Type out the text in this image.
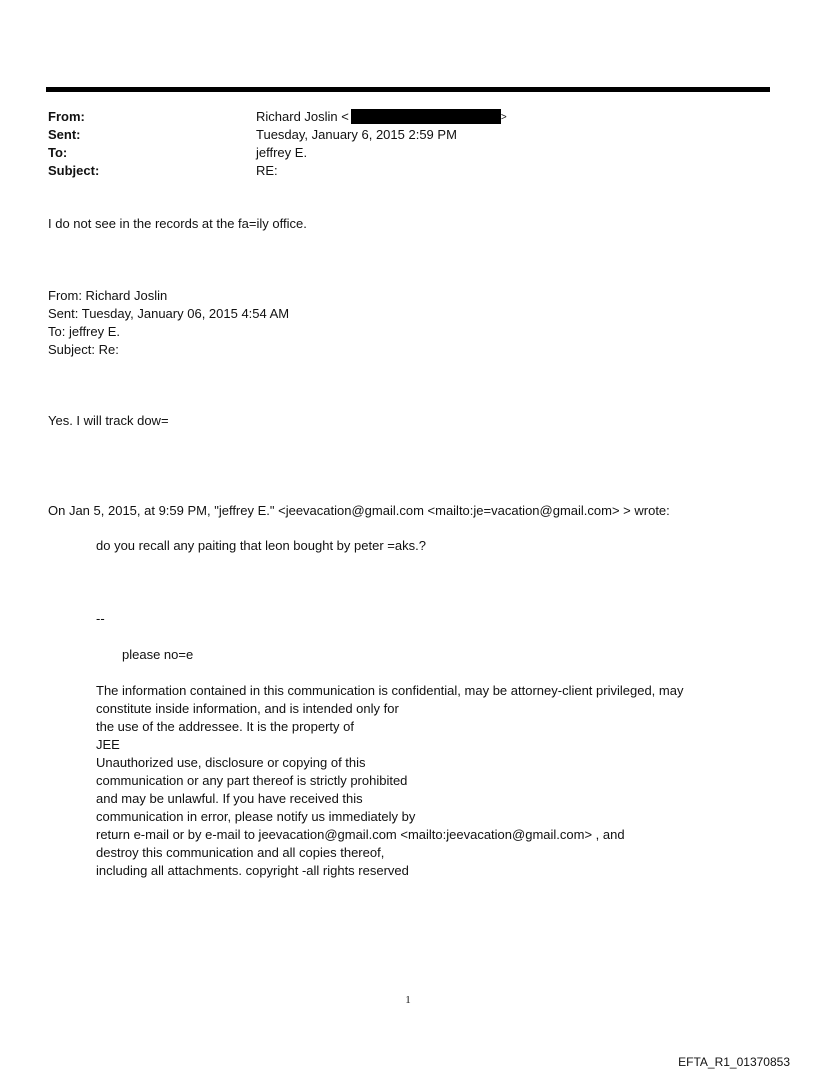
From:	Richard Joslin <	>
Sent:	Tuesday, January 6, 2015 2:59 PM
To:	jeffrey E.
Subject:	RE:
I do not see in the records at the fa=ily office.
From: Richard Joslin
Sent: Tuesday, January 06, 2015 4:54 AM
To: jeffrey E.
Subject: Re:
Yes. I will track dow=
On Jan 5, 2015, at 9:59 PM, "jeffrey E." <jeevacation@gmail.com <mailto:je=vacation@gmail.com> > wrote:
do you recall any paiting that leon bought by peter =aks.?
--
please no=e
The information contained in this communication is confidential, may be attorney-client privileged, may
constitute inside information, and is intended only for
the use of the addressee. It is the property of
JEE
Unauthorized use, disclosure or copying of this
communication or any part thereof is strictly prohibited
and may be unlawful. If you have received this
communication in error, please notify us immediately by
return e-mail or by e-mail to jeevacation@gmail.com <mailto:jeevacation@gmail.com> , and
destroy this communication and all copies thereof,
including all attachments. copyright -all rights reserved
1
EFTA_R1_01370853
